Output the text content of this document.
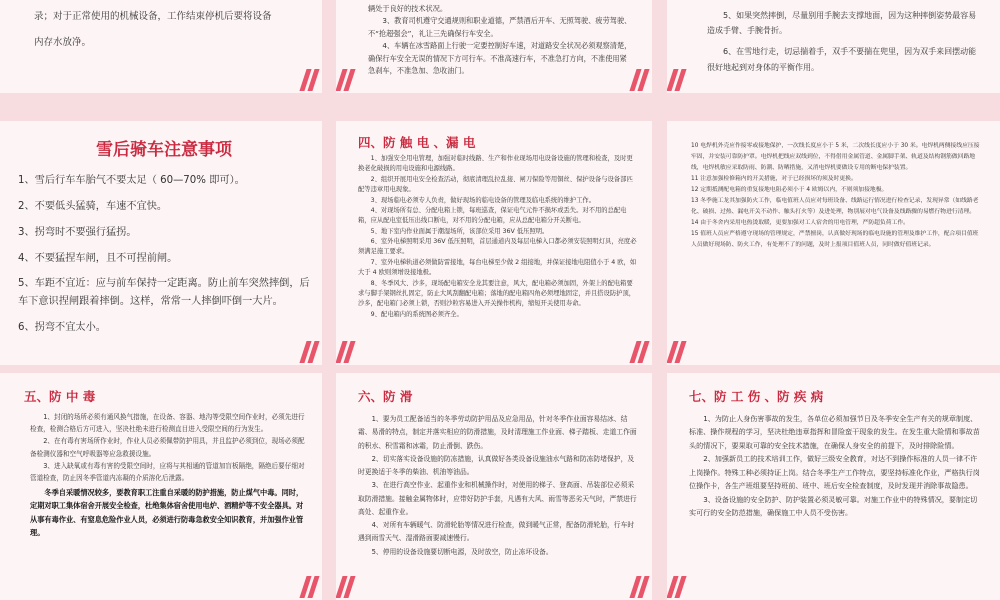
录；对于正常使用的机械设备，工作结束停机后要将设备

内存水放净。

辆处于良好的技术状况。

3、教育司机遵守交通规则和职业道德，严禁酒后开车、无照驾驶、疲劳驾驶、不“抢超强会”，礼让三先确保行车安全。

4、车辆在冰雪路面上行驶一定要控制好车速，对道路安全状况必须观察清楚，确保行车安全无误的情况下方可行车。不准高速行车，不准急打方向，不准使用紧急刹车，不准急加、急收油门。

5、如果突然摔倒，尽量别用手腕去支撑地面，因为这种摔倒姿势最容易造成手臂、手腕骨折。

6、在雪地行走，切忌揣着手，双手不要揣在兜里，因为双手来回摆动能很好地起到对身体的平衡作用。

雪后骑车注意事项

1、雪后行车车胎气不要太足（ 60—70% 即可）。

2、不要低头猛骑，车速不宜快。

3、拐弯时不要强行猛拐。

4、不要猛捏车闸，且不可捏前闸。

5、车距不宜近：应与前车保持一定距离。防止前车突然摔倒，后车下意识捏闸跟着摔倒。这样，常常一人摔倒吓倒一大片。

6、拐弯不宜太小。

四、防 触 电 、漏 电

1、加强安全用电管理，加强对临时线路、生产和作业现场用电设备设施的管理和检查，及时更换老化破损的用电设施和电源线路。

2、组织开展用电安全检查活动，彻底清理乱拉乱接、闸刀保险等用铜丝、保护设备与设备部匹配等违章用电现象。

3、现场临电必须专人负责，做好现场的临电设备的管理及临电系统的维护工作。

4、对现场所有总、分配电箱上锁，每班巡查，保证电气元件不损坏或丢失。对不用的总配电箱，应从配电室低压出线口断电，对不用的分配电箱，应从总配电箱分开关断电。

5、地下室内作业面属于潮湿场所，该部位采用 36V 低压照明。

6、室外电梯照明采用 36V 低压照明，首层通道内及每层电梯入口都必须安装照明灯具，亮度必须满足施工要求。

7、室外电梯轨道必须做防雷接地，每台电梯至少做 2 组接地，并保证接地电阻值小于 4 欧，如大于 4 欧则须增设接地极。

8、冬季风大、沙多，现场配电箱安全龙其要注意，风大，配电箱必须加固，外架上的配电箱要求与脚手架钢丝扎固定，防止大风刮翻配电箱；落地的配电箱四角必须埋地固定，并且搭设防护顶，沙多，配电箱门必须上锁，否则沙粒容易进入开关操作机构，缩短开关使用寿命。

9、配电箱内的系统图必须齐全。

10 电焊机外壳应作接零或接地保护，一次线长度应小于 5 米，二次线长度应小于 30 米。电焊机两侧接线应压接牢固，并安装可靠防护罩。电焊机把线应双线到位，不得借用金属管道、金属脚手架、轨道及结构钢筋做回路地线，电焊机敏应采取防雨、防潮、防晒措施，又消电焊机要做设专用的断电保护装置。

11 注意加强检修箱内的开关措施，对于已经损坏的须及时更换。

12 定期抵测配电箱的重复接地电阻必须小于 4 欧姆以内，不则须加接地极。

13 冬季施工龙其加强防火工作，临电值班人员应对每班设备、线路运行情况进行检查记录，发现异常（如线路老化、破损、过热、漏电开关不动作、触头打火等）及进处理，物别展对电气设备及线路骤的易燃行物进行清理。

14 由于冬舍内采用电热烫取暖，更要加强对工人宿舍的用电管理，严防超负荷工作。

15 值班人员应严格遵守现场的管理规定，严禁擅岗，认真做好现场的临电设施的管理及维护工作，配合项目值班人员做好现场防、防火工作，有处理不了的问题，及时上报项目值班人员，同时做好值班记录。

五、防 中 毒

1、封闭的场所必须有通风换气措施，在设备、容器、地沟等受限空间作业时，必须先进行检查，检测合格后方可进入，坚决杜绝未进行检测直目进入受限空间的行为发生。

2、在有毒有害场所作业时，作业人员必须佩带防护用具，并且监护必须到位，现场必须配备检测仪器和空气呼吸器等应急救援设施。

3、进入缺氧或有毒有害的受限空间时，应将与其相通的管道加盲板隔绝，隔绝后要仔细对管道检查，防止因冬季管道内冻凝的介质溶化后泄露。

冬季自采暖情况较多，要教育职工注重自采暖的防护措施，防止煤气中毒。同时，定期对职工集体宿舍开展安全检查，杜绝集体宿舍使用电炉、酒精炉等不安全器具。对从事有毒作业、有窒息危险作业人员，必须进行防毒急救安全知识教育，并加强作业管理。

六、防 滑

1、要为员工配备适当的冬季劳动防护用品及应急用品，针对冬季作业面容易结冰、结霜、易滑的特点，制定并落实相应的防滑措施，及时清理施工作业面、梯子踏板、走道工作面的积水、积雪霜和冰霜，防止滑倒、跌伤。

2、切实落实设备设施的防冻措施，认真做好各类设备设施油水气路和防冻防堵保护，及时更换适于冬季的柴油、机油等油品。

3、在进行高空作业、起重作业和机械操作时，对使用的梯子、登高面、吊装部位必须采取防滑措施。接触金属物体时，应带好防护手套，凡遇有大风、雨雪等恶劣天气时，严禁进行高处、起重作业。

4、对所有车辆暖气、防滑轮胎等情况进行检查，做到暖气正常，配备防滑轮胎，行车时遇到雨雪天气、湿滑路面要减速慢行。

5、停用的设备设施要切断电源，及时放空，防止冻坏设备。

七、防 工 伤 、防 疾 病

1、为防止人身伤害事故的发生，各单位必须加强节日及冬季安全生产有关的规章制度、标准、操作规程的学习，坚决杜绝违章指挥和冒险蛮干现象的发生。在发生重大险情和事故苗头的情况下，要果取可靠的安全技术措施，在确保人身安全的前提下，及时排除险情。

2、加强新员工的技术培训工作，做好三级安全教育，对达不到操作标准的人员一律不许上岗操作。特殊工种必须持证上岗。结合冬季生产工作特点，要坚持标准化作业，严格执行岗位操作卡，各生产班组要坚持班前、班中、班后安全检查制度，及时发现并消除事故隐患。

3、设备设施的安全防护、防护装置必须灵敏可靠。对施工作业中的特殊情况，要制定切实可行的安全防范措施，确保施工中人员不受伤害。
